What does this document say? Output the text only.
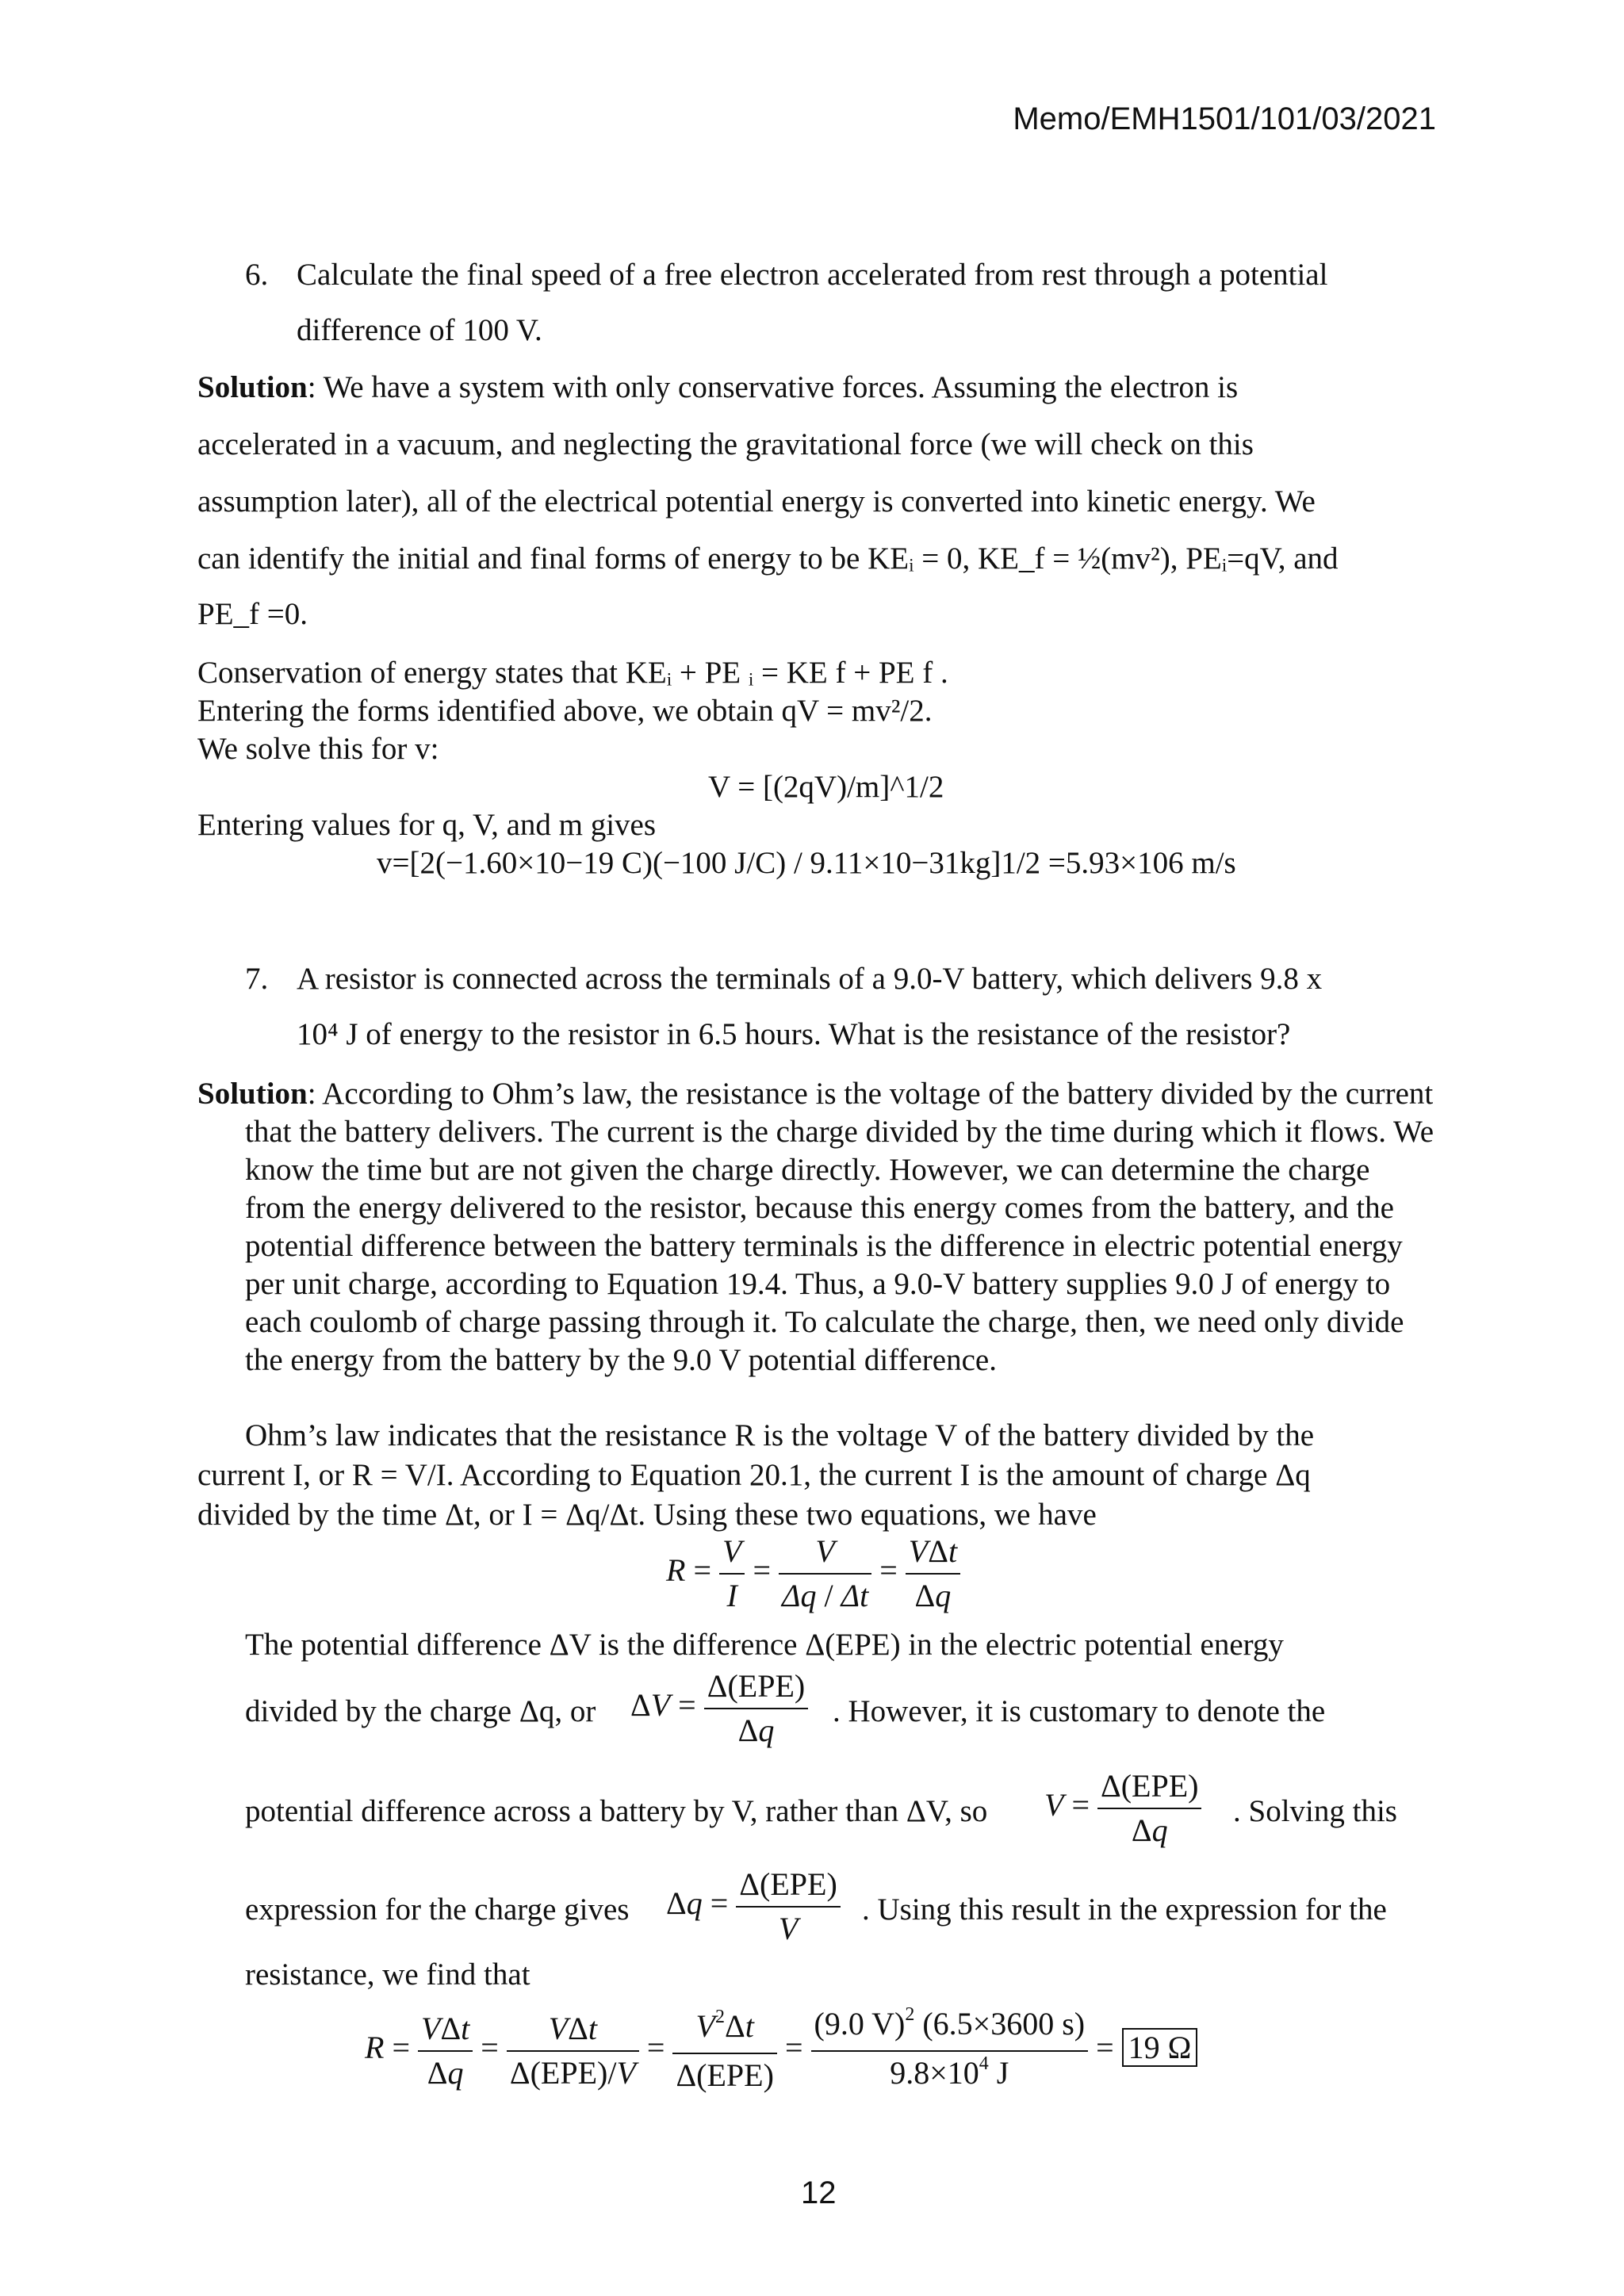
Memo/EMH1501/101/03/2021
6. Calculate the final speed of a free electron accelerated from rest through a potential
difference of 100 V.
Solution: We have a system with only conservative forces. Assuming the electron is
accelerated in a vacuum, and neglecting the gravitational force (we will check on this
assumption later), all of the electrical potential energy is converted into kinetic energy. We
can identify the initial and final forms of energy to be KEᵢ = 0, KE_f = ½(mv²), PEᵢ=qV, and
PE_f =0.
Conservation of energy states that KEᵢ + PE ᵢ = KE f + PE f .
Entering the forms identified above, we obtain qV = mv²/2.
We solve this for v:
V = [(2qV)/m]^1/2
Entering values for q, V, and m gives
v=[2(−1.60×10−19 C)(−100 J/C) / 9.11×10−31kg]1/2 =5.93×106 m/s
7. A resistor is connected across the terminals of a 9.0-V battery, which delivers 9.8 x
10⁴ J of energy to the resistor in 6.5 hours. What is the resistance of the resistor?

Solution: According to Ohm’s law, the resistance is the voltage of the battery divided by the current that the battery delivers. The current is the charge divided by the time during which it flows. We know the time but are not given the charge directly. However, we can determine the charge from the energy delivered to the resistor, because this energy comes from the battery, and the potential difference between the battery terminals is the difference in electric potential energy per unit charge, according to Equation 19.4. Thus, a 9.0-V battery supplies 9.0 J of energy to each coulomb of charge passing through it. To calculate the charge, then, we need only divide the energy from the battery by the 9.0 V potential difference.

Ohm’s law indicates that the resistance R is the voltage V of the battery divided by the
current I, or R = V/I. According to Equation 20.1, the current I is the amount of charge Δq
divided by the time Δt, or I = Δq/Δt. Using these two equations, we have
$R = \frac{V}{I} = \frac{V}{\Delta q / \Delta t} = \frac{\text{VΔt}}{\Delta q}$
The potential difference ΔV is the difference Δ(EPE) in the electric potential energy
divided by the charge Δq, or $\Delta V = \frac{\text{Δ(EPE)}}{\Delta q}$ . However, it is customary to denote the
potential difference across a battery by V, rather than ΔV, so $V = \frac{\text{Δ(EPE)}}{\Delta q}$ . Solving this
expression for the charge gives $\Delta q = \frac{\text{Δ(EPE)}}{V}$ . Using this result in the expression for the
resistance, we find that
$R = \frac{\text{VΔt}}{\Delta q} = \frac{\text{VΔt}}{\text{Δ(EPE)/V}} = \frac{V^2\Delta t}{\text{Δ(EPE)}} = \frac{(9.0 V)^2 (6.5\times 3600 s)}{9.8\times 10^4 J} = 19$ Ω
12
